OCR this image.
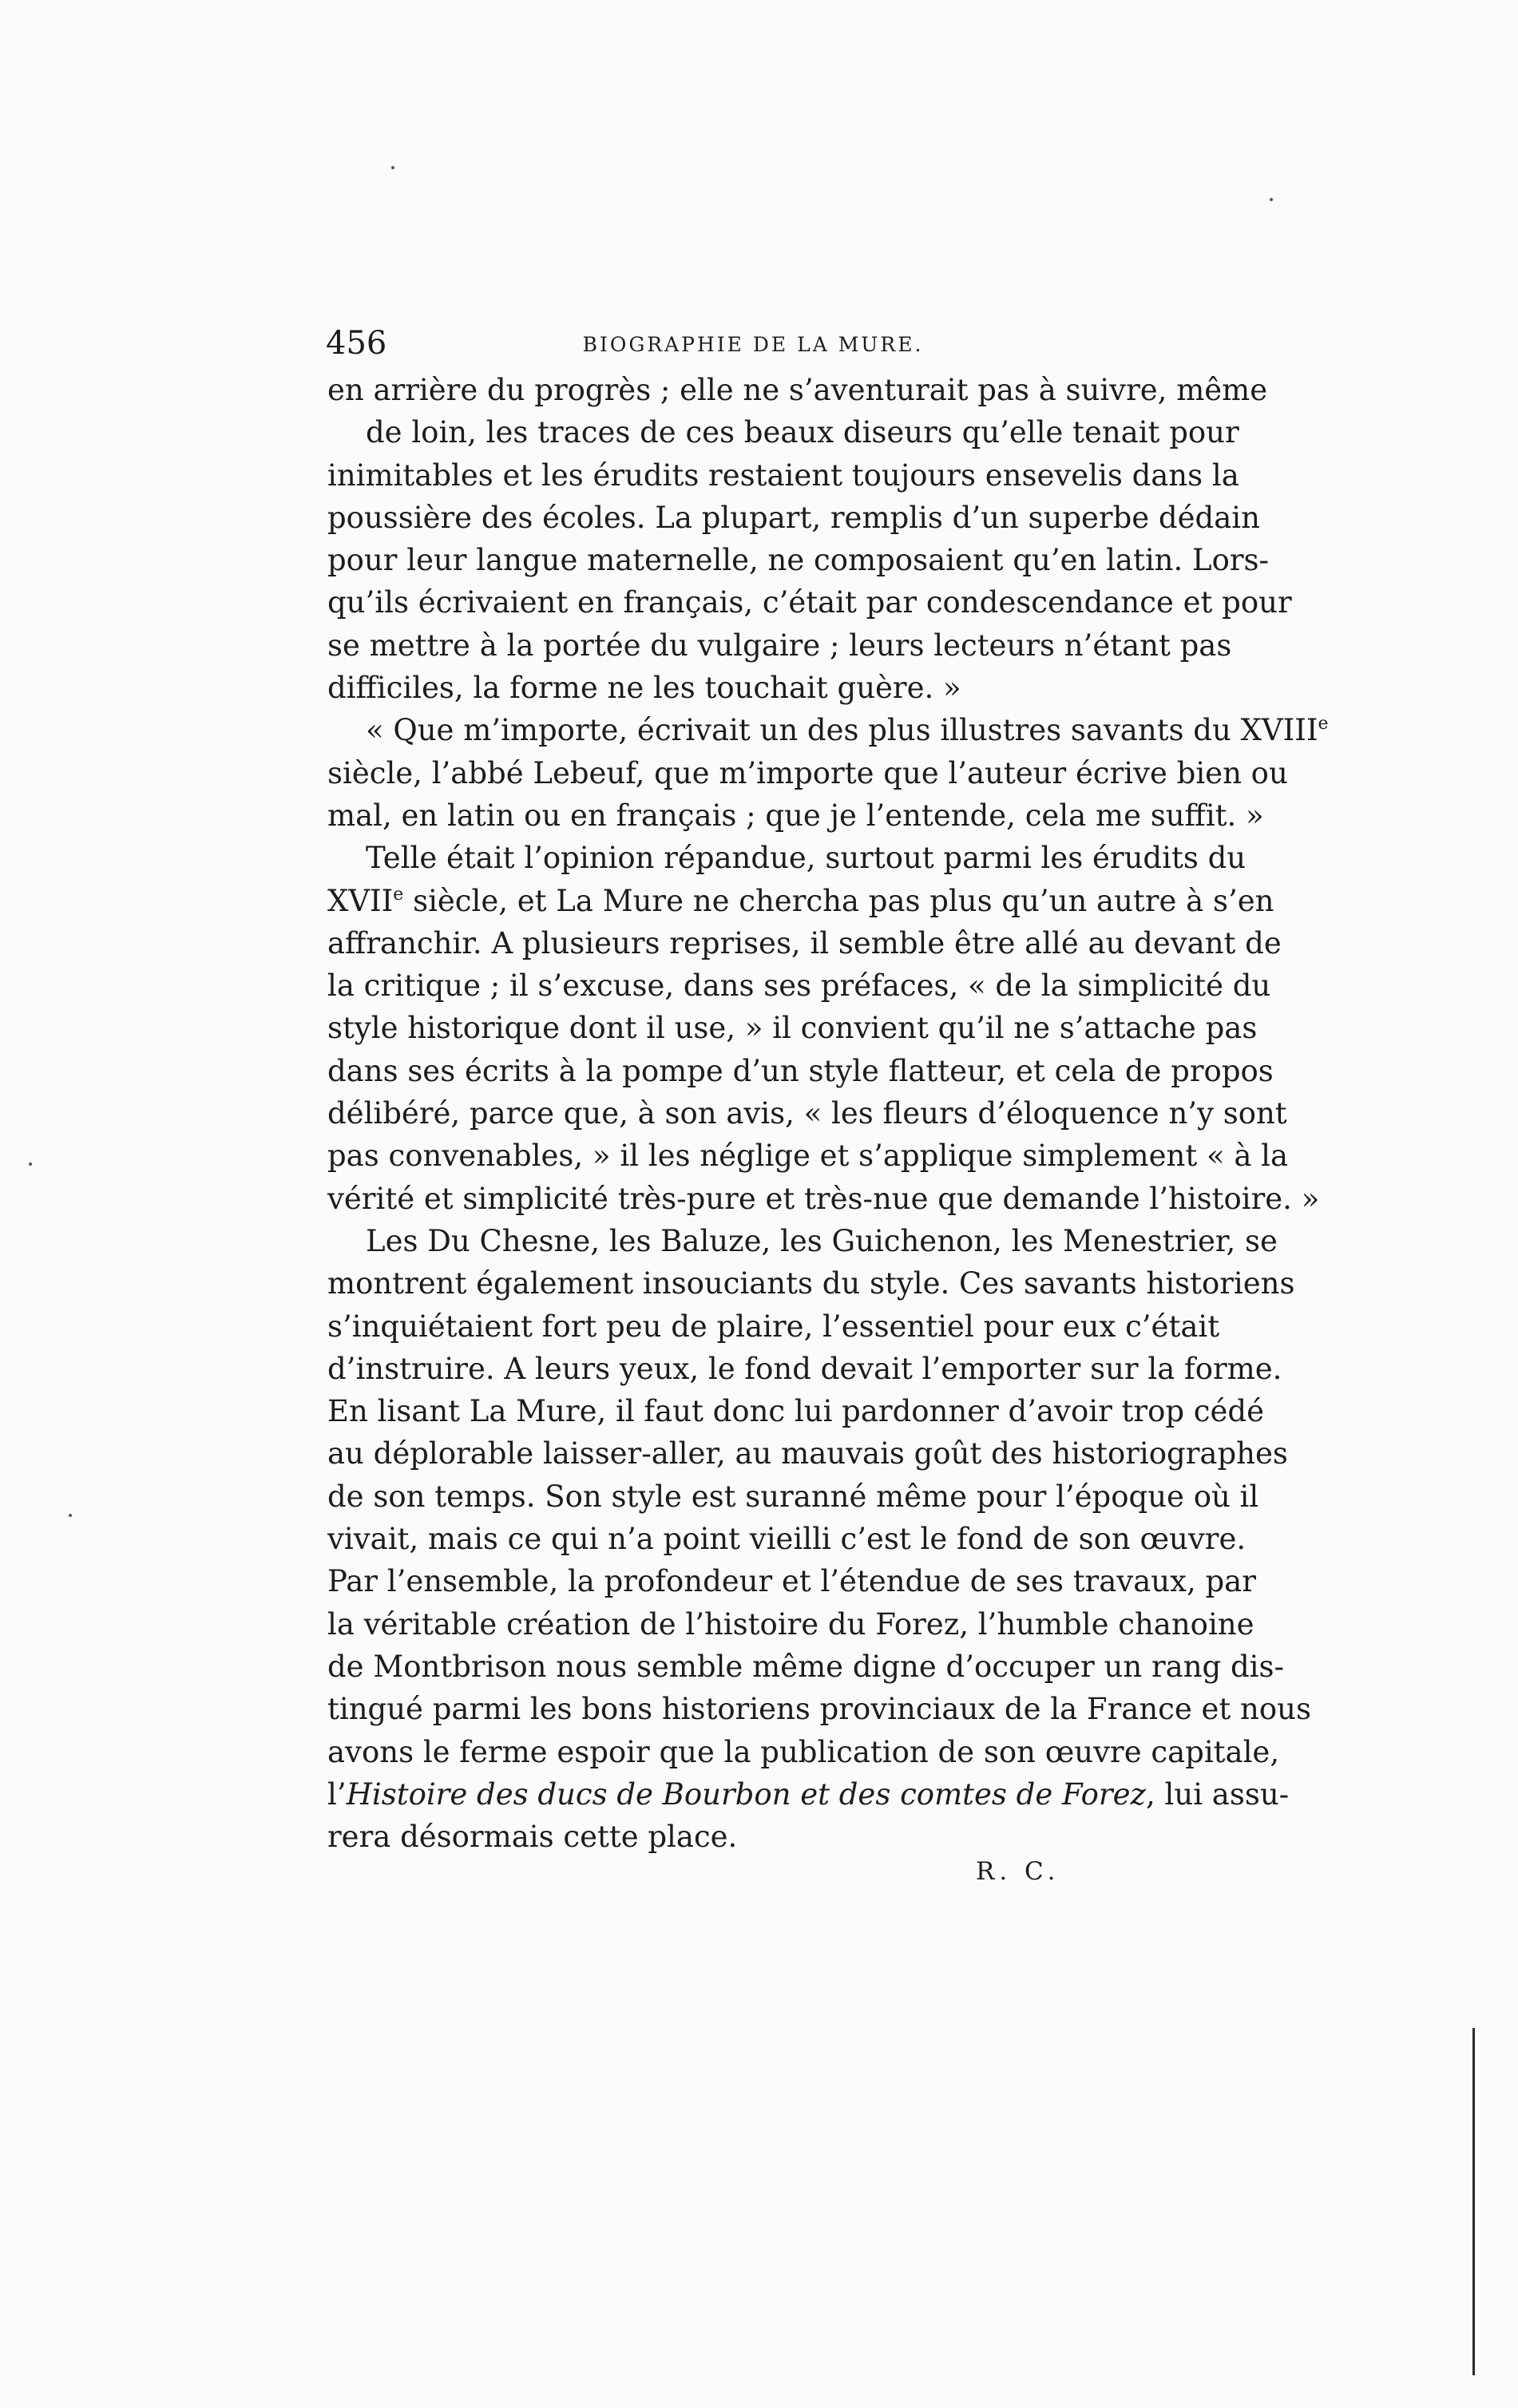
456	BIOGRAPHIE DE LA MURE.
en arrière du progrès ; elle ne s’aventurait pas à suivre, même
de loin, les traces de ces beaux diseurs qu’elle tenait pour
inimitables et les érudits restaient toujours ensevelis dans la
poussière des écoles. La plupart, remplis d’un superbe dédain
pour leur langue maternelle, ne composaient qu’en latin. Lors-
qu’ils écrivaient en français, c’était par condescendance et pour
se mettre à la portée du vulgaire ; leurs lecteurs n’étant pas
difficiles, la forme ne les touchait guère. »
« Que m’importe, écrivait un des plus illustres savants du XVIIIe
siècle, l’abbé Lebeuf, que m’importe que l’auteur écrive bien ou
mal, en latin ou en français ; que je l’entende, cela me suffit. »
Telle était l’opinion répandue, surtout parmi les érudits du
XVIIe siècle, et La Mure ne chercha pas plus qu’un autre à s’en
affranchir. A plusieurs reprises, il semble être allé au devant de
la critique ; il s’excuse, dans ses préfaces, « de la simplicité du
style historique dont il use, » il convient qu’il ne s’attache pas
dans ses écrits à la pompe d’un style flatteur, et cela de propos
délibéré, parce que, à son avis, « les fleurs d’éloquence n’y sont
pas convenables, » il les néglige et s’applique simplement « à la
vérité et simplicité très-pure et très-nue que demande l’histoire. »
Les Du Chesne, les Baluze, les Guichenon, les Menestrier, se
montrent également insouciants du style. Ces savants historiens
s’inquiétaient fort peu de plaire, l’essentiel pour eux c’était
d’instruire. A leurs yeux, le fond devait l’emporter sur la forme.
En lisant La Mure, il faut donc lui pardonner d’avoir trop cédé
au déplorable laisser-aller, au mauvais goût des historiographes
de son temps. Son style est suranné même pour l’époque où il
vivait, mais ce qui n’a point vieilli c’est le fond de son œuvre.
Par l’ensemble, la profondeur et l’étendue de ses travaux, par
la véritable création de l’histoire du Forez, l’humble chanoine
de Montbrison nous semble même digne d’occuper un rang dis-
tingué parmi les bons historiens provinciaux de la France et nous
avons le ferme espoir que la publication de son œuvre capitale,
l’Histoire des ducs de Bourbon et des comtes de Forez, lui assu-
rera désormais cette place.
R. C.
